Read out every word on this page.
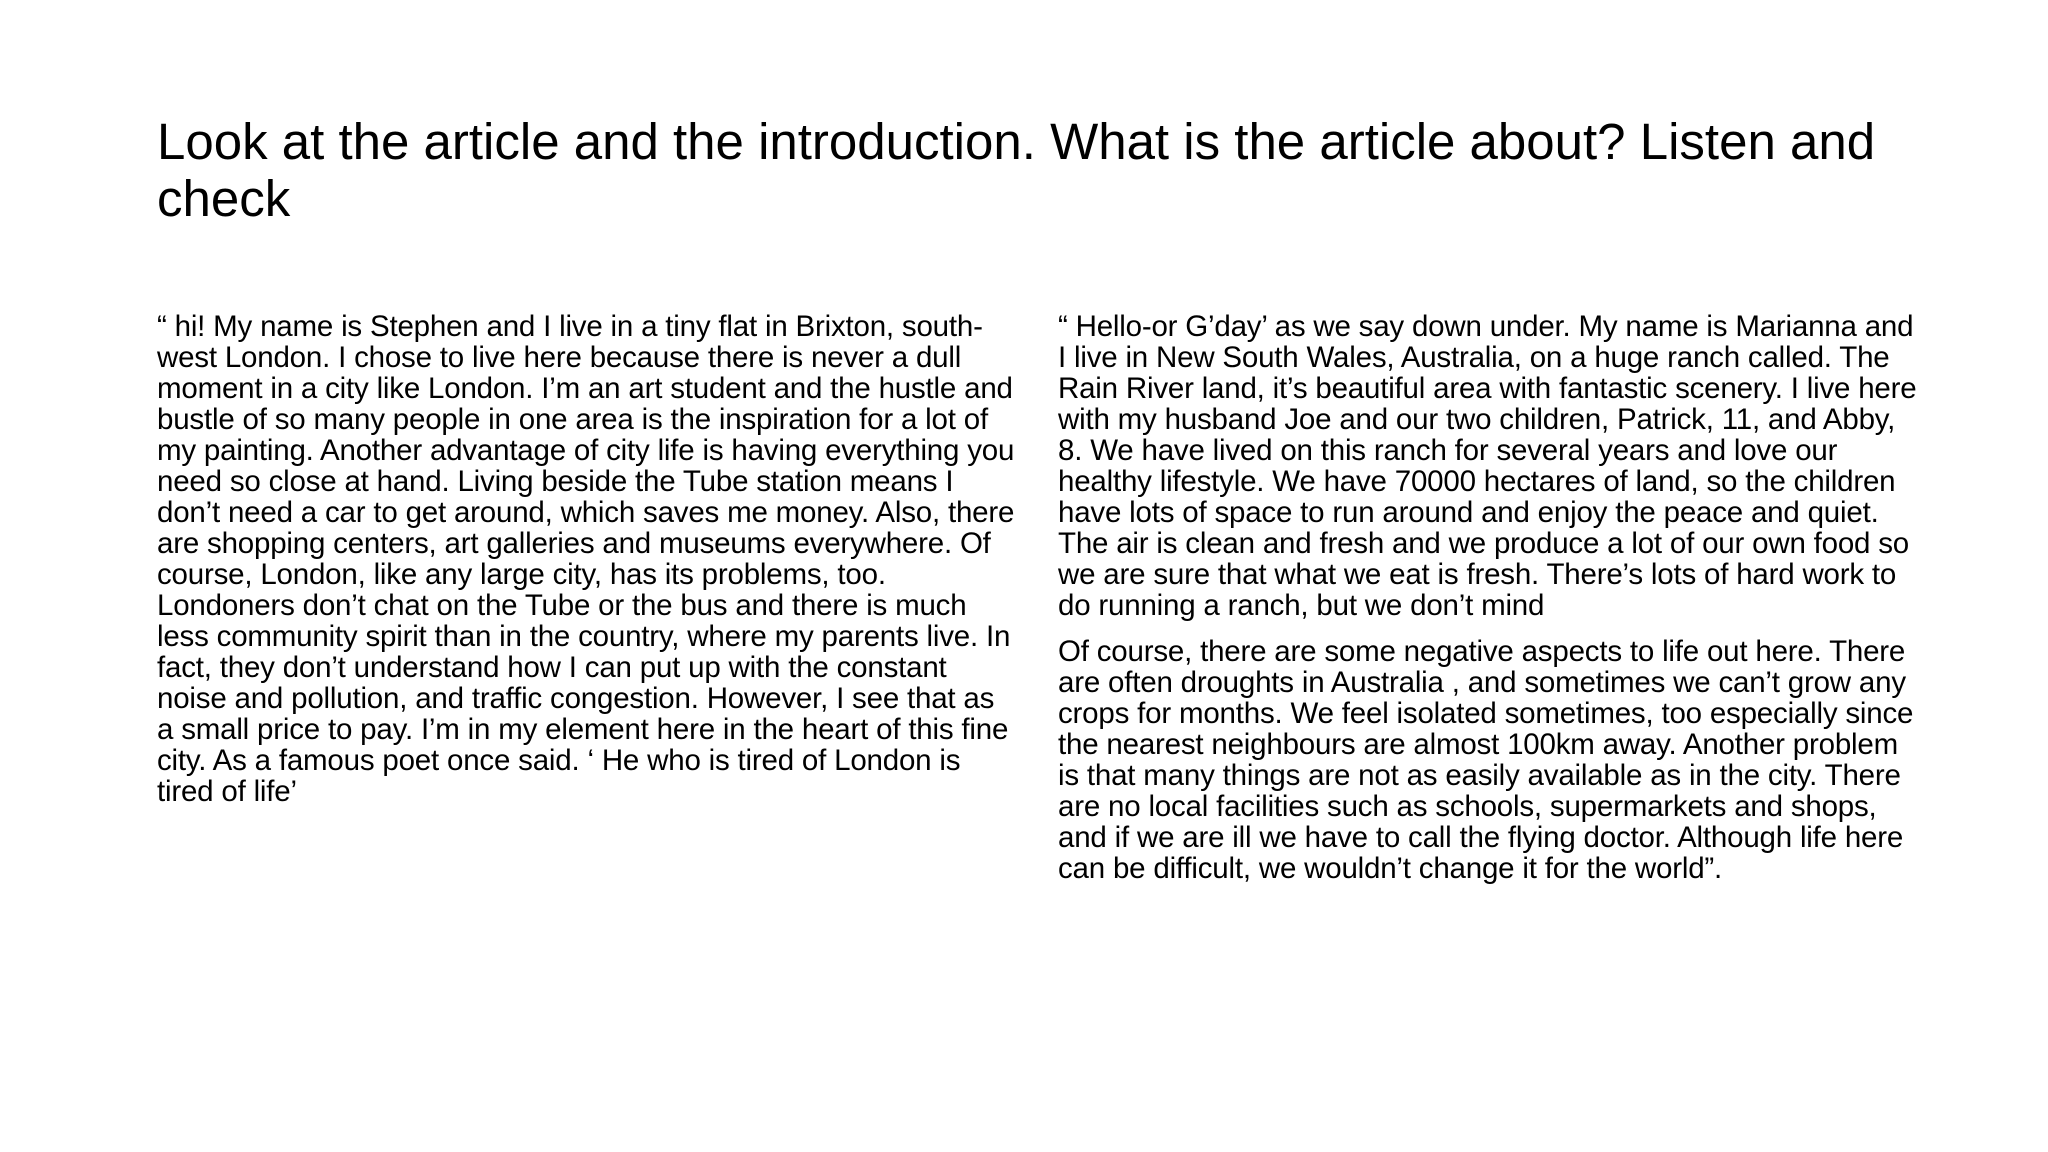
Look at the article and the introduction. What is the article about? Listen and check

“ hi! My name is Stephen and I live in a tiny flat in Brixton, south-west London. I chose to live here because there is never a dull moment in a city like London. I’m an art student and the hustle and bustle of so many people in one area is the inspiration for a lot of my painting. Another advantage of city life is having everything you need so close at hand. Living beside the Tube station means I don’t need a car to get around, which saves me money. Also, there are shopping centers, art galleries and museums everywhere. Of course, London, like any large city, has its problems, too. Londoners don’t chat on the Tube or the bus and there is much less community spirit than in the country, where my parents live. In fact, they don’t understand how I can put up with the constant noise and pollution, and traffic congestion. However, I see that as a small price to pay. I’m in my element here in the heart of this fine city. As a famous poet once said. ‘ He who is tired of London is tired of life’

“ Hello-or G’day’ as we say down under. My name is Marianna and I live in New South Wales, Australia, on a huge ranch called. The Rain River land, it’s beautiful area with fantastic scenery. I live here with my husband Joe and our two children, Patrick, 11, and Abby, 8. We have lived on this ranch for several years and love our healthy lifestyle. We have 70000 hectares of land, so the children have lots of space to run around and enjoy the peace and quiet. The air is clean and fresh and we produce a lot of our own food so we are sure that what we eat is fresh. There’s lots of hard work to do running a ranch, but we don’t mind

Of course, there are some negative aspects to life out here. There are often droughts in Australia , and sometimes we can’t grow any crops for months. We feel isolated sometimes, too especially since the nearest neighbours are almost 100km away. Another problem is that many things are not as easily available as in the city. There are no local facilities such as schools, supermarkets and shops, and if we are ill we have to call the flying doctor. Although life here can be difficult, we wouldn’t change it for the world”.
